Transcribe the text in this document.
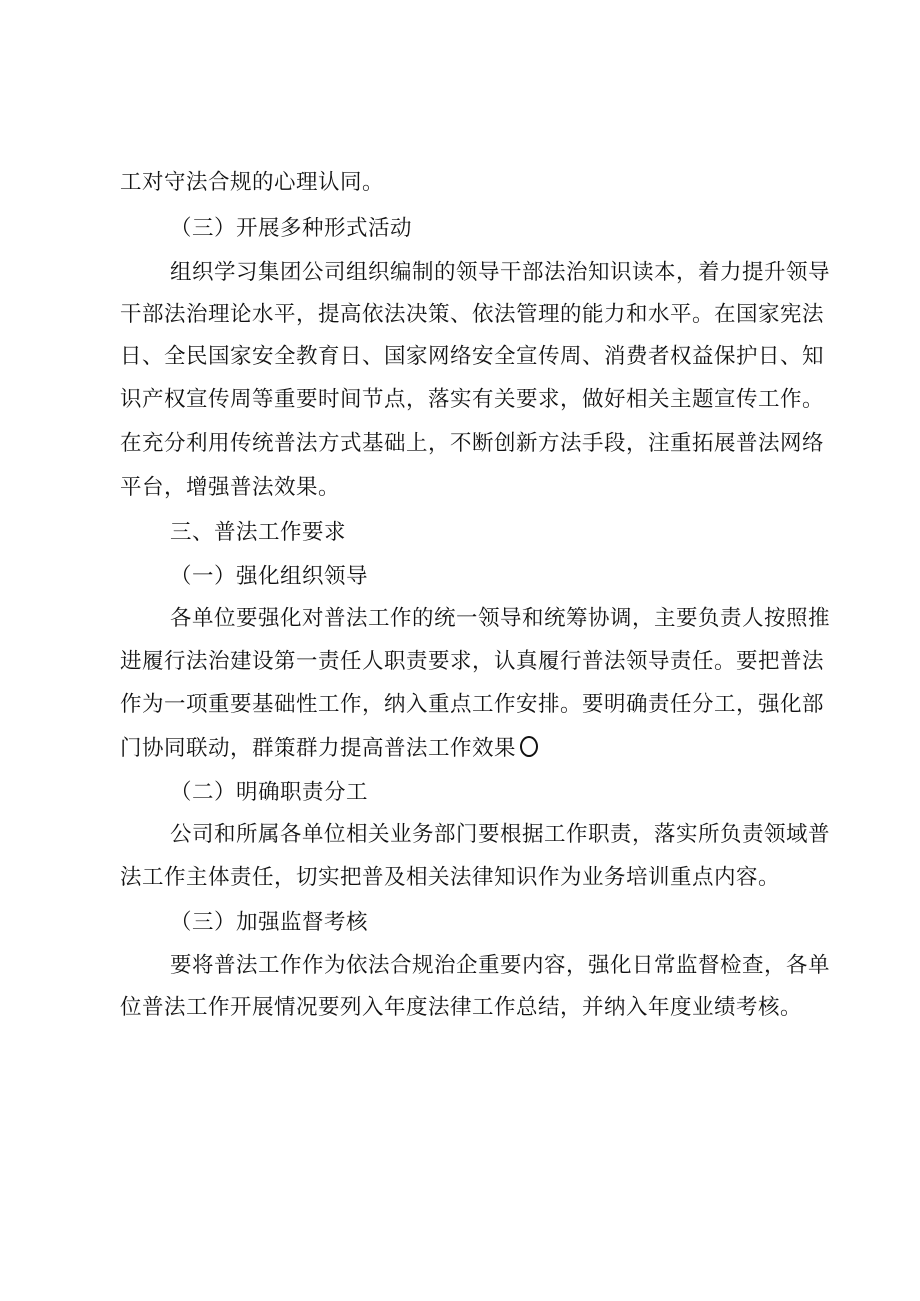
工对守法合规的心理认同。
（三）开展多种形式活动
组织学习集团公司组织编制的领导干部法治知识读本，着力提升领导
干部法治理论水平，提高依法决策、依法管理的能力和水平。在国家宪法
日、全民国家安全教育日、国家网络安全宣传周、消费者权益保护日、知
识产权宣传周等重要时间节点，落实有关要求，做好相关主题宣传工作。
在充分利用传统普法方式基础上，不断创新方法手段，注重拓展普法网络
平台，增强普法效果。
三、普法工作要求
（一）强化组织领导
各单位要强化对普法工作的统一领导和统筹协调，主要负责人按照推
进履行法治建设第一责任人职责要求，认真履行普法领导责任。要把普法
作为一项重要基础性工作，纳入重点工作安排。要明确责任分工，强化部
门协同联动，群策群力提高普法工作效果
（二）明确职责分工
公司和所属各单位相关业务部门要根据工作职责，落实所负责领域普
法工作主体责任，切实把普及相关法律知识作为业务培训重点内容。
（三）加强监督考核
要将普法工作作为依法合规治企重要内容，强化日常监督检查，各单
位普法工作开展情况要列入年度法律工作总结，并纳入年度业绩考核。
